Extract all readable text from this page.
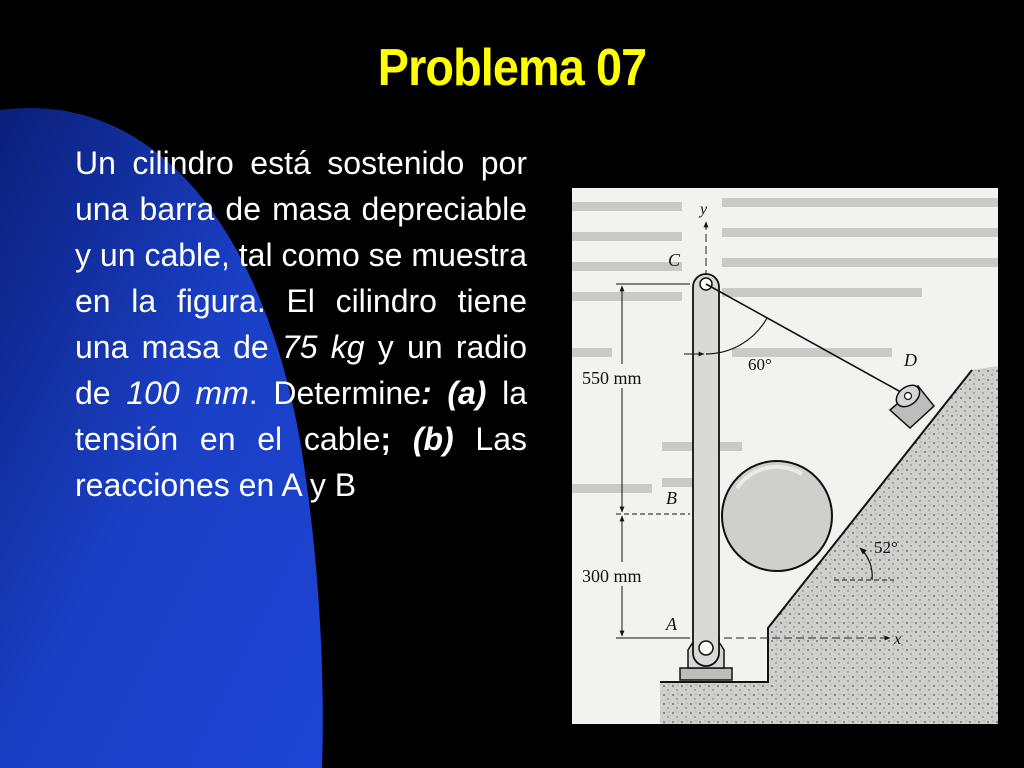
Problema 07
Un cilindro está sostenido por una barra de masa depreciable y un cable, tal como se muestra en la figura. El cilindro tiene una masa de 75 kg y un radio de 100 mm. Determine: (a) la tensión en el cable; (b) Las reacciones en A y B
y
x
60°
52°
550 mm
300 mm
C
D
B
A
